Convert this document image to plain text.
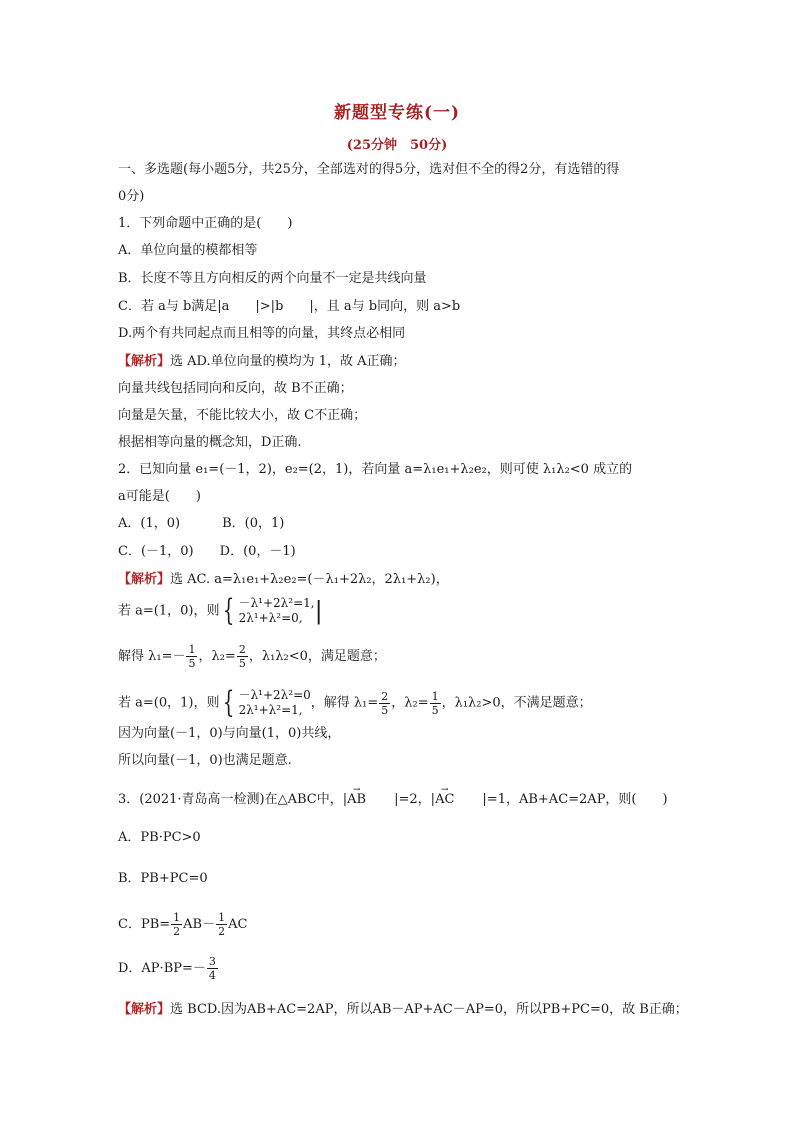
新题型专练(一)
(25分钟　50分)
一、多选题(每小题5分，共25分，全部选对的得5分，选对但不全的得2分，有选错的得
0分)
1．下列命题中正确的是(　　)
A．单位向量的模都相等
B．长度不等且方向相反的两个向量不一定是共线向量
C．若 a与 b满足|a　　|>|b　　|，且 a与 b同向，则 a>b
D.两个有共同起点而且相等的向量，其终点必相同
【解析】选 AD.单位向量的模均为 1，故 A正确；
向量共线包括同向和反向，故 B不正确；
向量是矢量，不能比较大小，故 C不正确；
根据相等向量的概念知，D正确.
2．已知向量 e₁=(－1，2)，e₂=(2，1)，若向量 a=λ₁e₁+λ₂e₂，则可使 λ₁λ₂<0 成立的
a可能是(　　)
A．(1，0)	B．(0，1)
C．(－1，0) D．(0，－1)
【解析】选 AC. a=λ₁e₁+λ₂e₂=(－λ₁+2λ₂，2λ₁+λ₂)，
若 a=(1，0)，则 { －λ¹+2λ²=1,
2λ¹+λ²=0, |
解得 $\lambda_1=- \frac{1}{5}$ ，$\lambda_2= \frac{2}{5}$ ，λ₁λ₂<0，满足题意；
若 a=(0，1)，则 { －λ¹+2λ²=0
2λ¹+λ²=1, ，解得 $\lambda_1= \frac{2}{5}$ ，$\lambda_2= \frac{1}{5}$ ，λ₁λ₂>0，不满足题意；
因为向量(－1，0)与向量(1，0)共线，
所以向量(－1，0)也满足题意.
3．(2021·青岛高一检测)在△ABC中，|→ AB |=2，|→ AC |=1，AB+AC=2AP，则(　　)
A．PB·PC>0
B．PB+PC=0
C．$PB= \frac{1}{2} AB- \frac{1}{2}$ AC
D．$AP\cdot BP=- \frac{3}{4}$
【解析】选 BCD.因为AB+AC=2AP，所以AB－AP+AC－AP=0，所以PB+PC=0，故 B正确；
